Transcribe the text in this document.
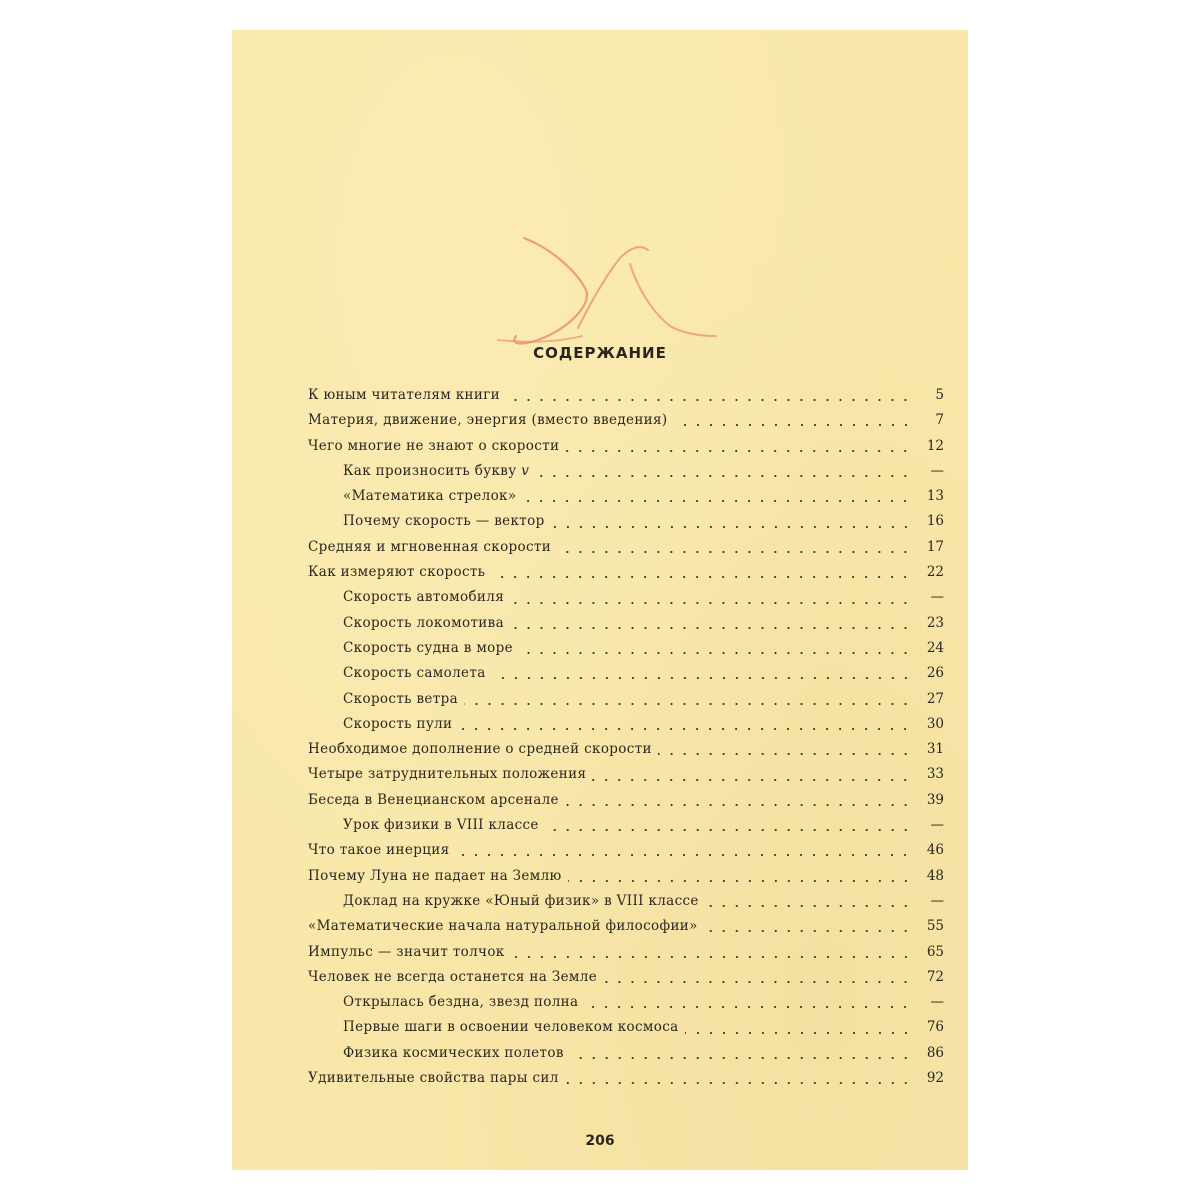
СОДЕРЖАНИЕ
К юным читателям книги	5
Материя, движение, энергия (вместо введения)	7
Чего многие не знают о скорости	12
Как произносить букву v	—
«Математика стрелок»	13
Почему скорость — вектор	16
Средняя и мгновенная скорости	17
Как измеряют скорость	22
Скорость автомобиля	—
Скорость локомотива	23
Скорость судна в море	24
Скорость самолета	26
Скорость ветра	27
Скорость пули	30
Необходимое дополнение о средней скорости	31
Четыре затруднительных положения	33
Беседа в Венецианском арсенале	39
Урок физики в VIII классе	—
Что такое инерция	46
Почему Луна не падает на Землю	48
Доклад на кружке «Юный физик» в VIII классе	—
«Математические начала натуральной философии»	55
Импульс — значит толчок	65
Человек не всегда останется на Земле	72
Открылась бездна, звезд полна	—
Первые шаги в освоении человеком космоса	76
Физика космических полетов	86
Удивительные свойства пары сил	92
206
